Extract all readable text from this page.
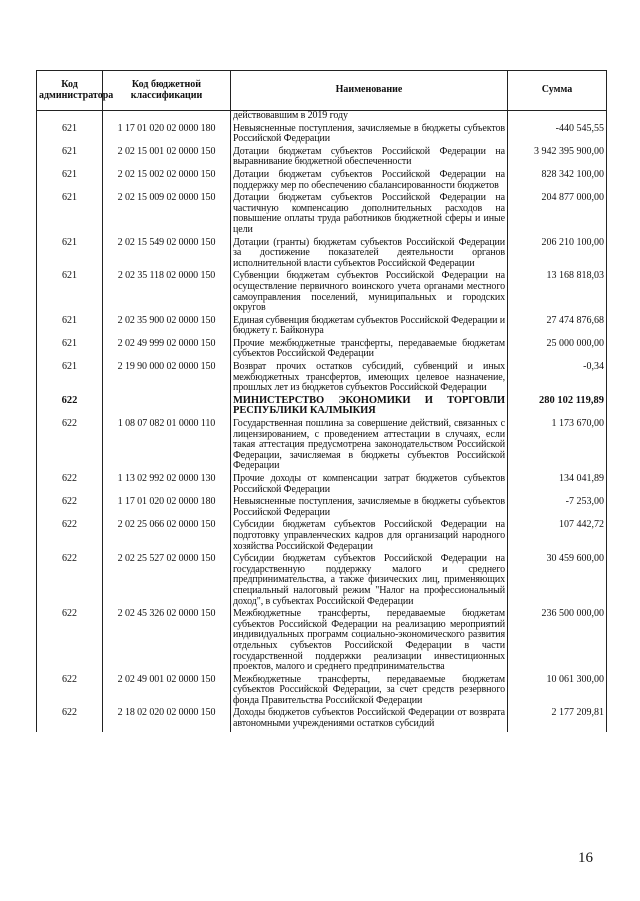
Код администратора	Код бюджетной классификации	Наименование	Сумма
		действовавшим в 2019 году	
621	1 17 01 020 02 0000 180	Невыясненные поступления, зачисляемые в бюджеты субъектов Российской Федерации	-440 545,55
621	2 02 15 001 02 0000 150	Дотации бюджетам субъектов Российской Федерации на выравнивание бюджетной обеспеченности	3 942 395 900,00
621	2 02 15 002 02 0000 150	Дотации бюджетам субъектов Российской Федерации на поддержку мер по обеспечению сбалансированности бюджетов	828 342 100,00
621	2 02 15 009 02 0000 150	Дотации бюджетам субъектов Российской Федерации на частичную компенсацию дополнительных расходов на повышение оплаты труда работников бюджетной сферы и иные цели	204 877 000,00
621	2 02 15 549 02 0000 150	Дотации (гранты) бюджетам субъектов Российской Федерации за достижение показателей деятельности органов исполнительной власти субъектов Российской Федерации	206 210 100,00
621	2 02 35 118 02 0000 150	Субвенции бюджетам субъектов Российской Федерации на осуществление первичного воинского учета органами местного самоуправления поселений, муниципальных и городских округов	13 168 818,03
621	2 02 35 900 02 0000 150	Единая субвенция бюджетам субъектов Российской Федерации и бюджету г. Байконура	27 474 876,68
621	2 02 49 999 02 0000 150	Прочие межбюджетные трансферты, передаваемые бюджетам субъектов Российской Федерации	25 000 000,00
621	2 19 90 000 02 0000 150	Возврат прочих остатков субсидий, субвенций и иных межбюджетных трансфертов, имеющих целевое назначение, прошлых лет из бюджетов субъектов Российской Федерации	-0,34
622		МИНИСТЕРСТВО ЭКОНОМИКИ И ТОРГОВЛИ РЕСПУБЛИКИ КАЛМЫКИЯ	280 102 119,89
622	1 08 07 082 01 0000 110	Государственная пошлина за совершение действий, связанных с лицензированием, с проведением аттестации в случаях, если такая аттестация предусмотрена законодательством Российской Федерации, зачисляемая в бюджеты субъектов Российской Федерации	1 173 670,00
622	1 13 02 992 02 0000 130	Прочие доходы от компенсации затрат бюджетов субъектов Российской Федерации	134 041,89
622	1 17 01 020 02 0000 180	Невыясненные поступления, зачисляемые в бюджеты субъектов Российской Федерации	-7 253,00
622	2 02 25 066 02 0000 150	Субсидии бюджетам субъектов Российской Федерации на подготовку управленческих кадров для организаций народного хозяйства Российской Федерации	107 442,72
622	2 02 25 527 02 0000 150	Субсидии бюджетам субъектов Российской Федерации на государственную поддержку малого и среднего предпринимательства, а также физических лиц, применяющих специальный налоговый режим "Налог на профессиональный доход", в субъектах Российской Федерации	30 459 600,00
622	2 02 45 326 02 0000 150	Межбюджетные трансферты, передаваемые бюджетам субъектов Российской Федерации на реализацию мероприятий индивидуальных программ социально-экономического развития отдельных субъектов Российской Федерации в части государственной поддержки реализации инвестиционных проектов, малого и среднего предпринимательства	236 500 000,00
622	2 02 49 001 02 0000 150	Межбюджетные трансферты, передаваемые бюджетам субъектов Российской Федерации, за счет средств резервного фонда Правительства Российской Федерации	10 061 300,00
622	2 18 02 020 02 0000 150	Доходы бюджетов субъектов Российской Федерации от возврата автономными учреждениями остатков субсидий	2 177 209,81
16
